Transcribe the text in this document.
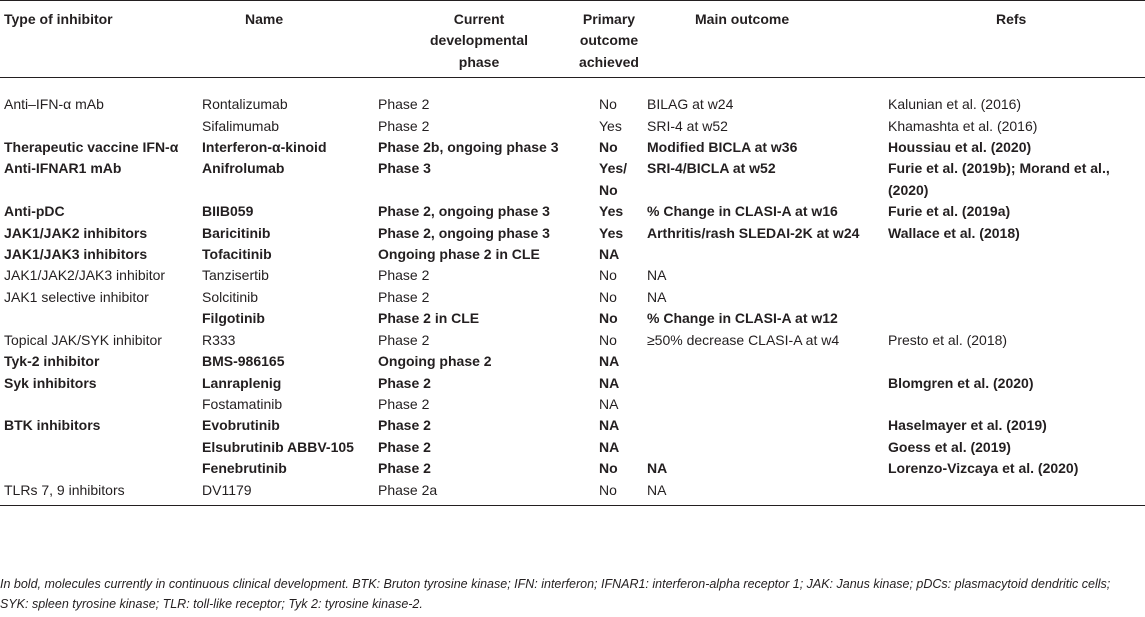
Type of inhibitor	Name	Current developmental phase	Primary outcome achieved	Main outcome	Refs
Anti–IFN-α mAb	Rontalizumab	Phase 2	No	BILAG at w24	Kalunian et al. (2016)
	Sifalimumab	Phase 2	Yes	SRI-4 at w52	Khamashta et al. (2016)
Therapeutic vaccine IFN-α	Interferon-α-kinoid	Phase 2b, ongoing phase 3	No	Modified BICLA at w36	Houssiau et al. (2020)
Anti-IFNAR1 mAb	Anifrolumab	Phase 3	Yes/ No	SRI-4/BICLA at w52	Furie et al. (2019b); Morand et al., (2020)
Anti-pDC	BIIB059	Phase 2, ongoing phase 3	Yes	% Change in CLASI-A at w16	Furie et al. (2019a)
JAK1/JAK2 inhibitors	Baricitinib	Phase 2, ongoing phase 3	Yes	Arthritis/rash SLEDAI-2K at w24	Wallace et al. (2018)
JAK1/JAK3 inhibitors	Tofacitinib	Ongoing phase 2 in CLE	NA		
JAK1/JAK2/JAK3 inhibitor	Tanzisertib	Phase 2	No	NA	
JAK1 selective inhibitor	Solcitinib	Phase 2	No	NA	
	Filgotinib	Phase 2 in CLE	No	% Change in CLASI-A at w12	
Topical JAK/SYK inhibitor	R333	Phase 2	No	≥50% decrease CLASI-A at w4	Presto et al. (2018)
Tyk-2 inhibitor	BMS-986165	Ongoing phase 2	NA		
Syk inhibitors	Lanraplenig	Phase 2	NA		Blomgren et al. (2020)
	Fostamatinib	Phase 2	NA		
BTK inhibitors	Evobrutinib	Phase 2	NA		Haselmayer et al. (2019)
	Elsubrutinib ABBV-105	Phase 2	NA		Goess et al. (2019)
	Fenebrutinib	Phase 2	No	NA	Lorenzo-Vizcaya et al. (2020)
TLRs 7, 9 inhibitors	DV1179	Phase 2a	No	NA	
In bold, molecules currently in continuous clinical development. BTK: Bruton tyrosine kinase; IFN: interferon; IFNAR1: interferon-alpha receptor 1; JAK: Janus kinase; pDCs: plasmacytoid dendritic cells; SYK: spleen tyrosine kinase; TLR: toll-like receptor; Tyk 2: tyrosine kinase-2.
